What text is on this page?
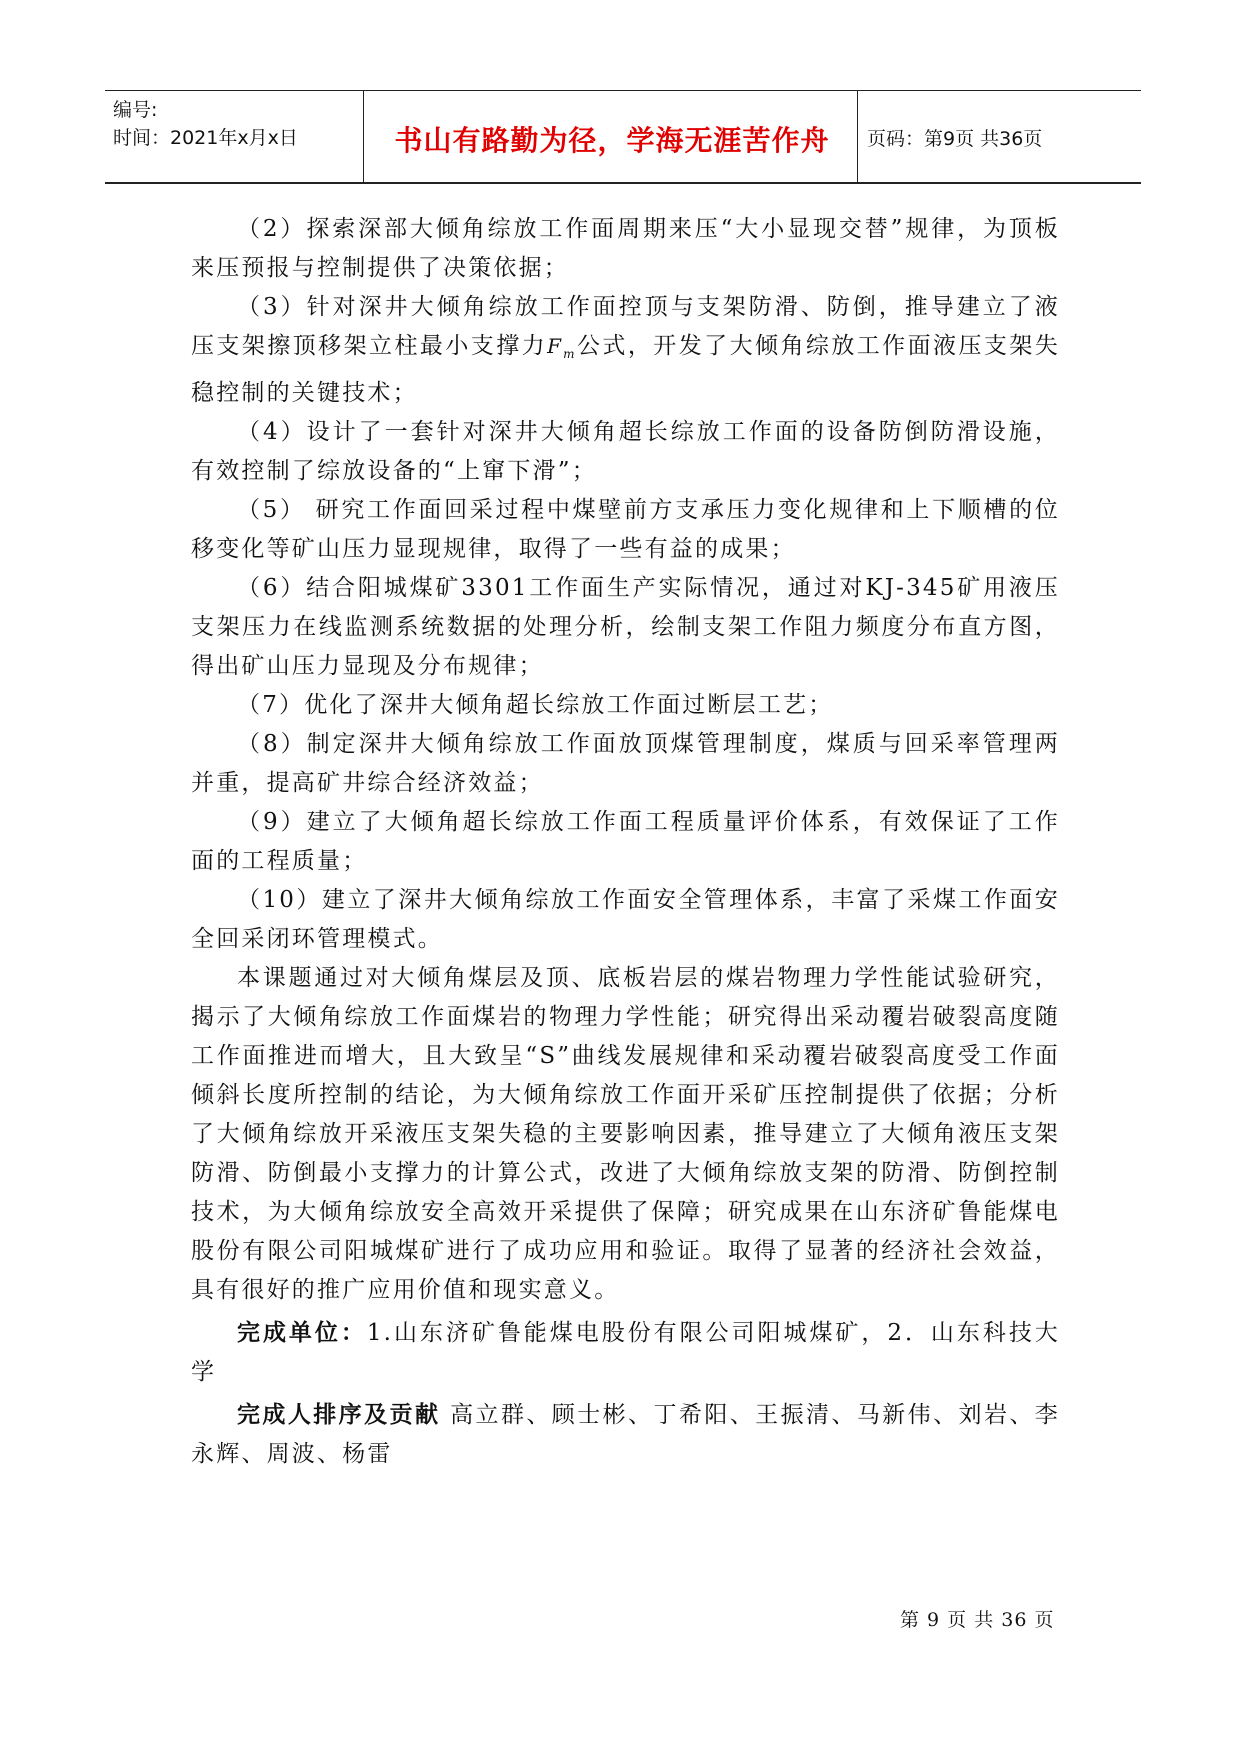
编号:
时间：2021年x月x日	书山有路勤为径，学海无涯苦作舟	页码：第9页 共36页

（2）探索深部大倾角综放工作面周期来压“大小显现交替”规律，为顶板来压预报与控制提供了决策依据；

（3）针对深井大倾角综放工作面控顶与支架防滑、防倒，推导建立了液压支架擦顶移架立柱最小支撑力$F_m$公式，开发了大倾角综放工作面液压支架失稳控制的关键技术；

（4）设计了一套针对深井大倾角超长综放工作面的设备防倒防滑设施，有效控制了综放设备的“上窜下滑”；

（5） 研究工作面回采过程中煤壁前方支承压力变化规律和上下顺槽的位移变化等矿山压力显现规律，取得了一些有益的成果；

（6）结合阳城煤矿3301工作面生产实际情况，通过对KJ-345矿用液压支架压力在线监测系统数据的处理分析，绘制支架工作阻力频度分布直方图，得出矿山压力显现及分布规律；

（7）优化了深井大倾角超长综放工作面过断层工艺；

（8）制定深井大倾角综放工作面放顶煤管理制度，煤质与回采率管理两并重，提高矿井综合经济效益；

（9）建立了大倾角超长综放工作面工程质量评价体系，有效保证了工作面的工程质量；

（10）建立了深井大倾角综放工作面安全管理体系，丰富了采煤工作面安全回采闭环管理模式。

本课题通过对大倾角煤层及顶、底板岩层的煤岩物理力学性能试验研究，揭示了大倾角综放工作面煤岩的物理力学性能；研究得出采动覆岩破裂高度随工作面推进而增大，且大致呈“S”曲线发展规律和采动覆岩破裂高度受工作面倾斜长度所控制的结论，为大倾角综放工作面开采矿压控制提供了依据；分析了大倾角综放开采液压支架失稳的主要影响因素，推导建立了大倾角液压支架防滑、防倒最小支撑力的计算公式，改进了大倾角综放支架的防滑、防倒控制技术，为大倾角综放安全高效开采提供了保障；研究成果在山东济矿鲁能煤电股份有限公司阳城煤矿进行了成功应用和验证。取得了显著的经济社会效益，具有很好的推广应用价值和现实意义。

完成单位：1.山东济矿鲁能煤电股份有限公司阳城煤矿，2．山东科技大学

完成人排序及贡献 高立群、顾士彬、丁希阳、王振清、马新伟、刘岩、李永辉、周波、杨雷

第 9 页 共 36 页
